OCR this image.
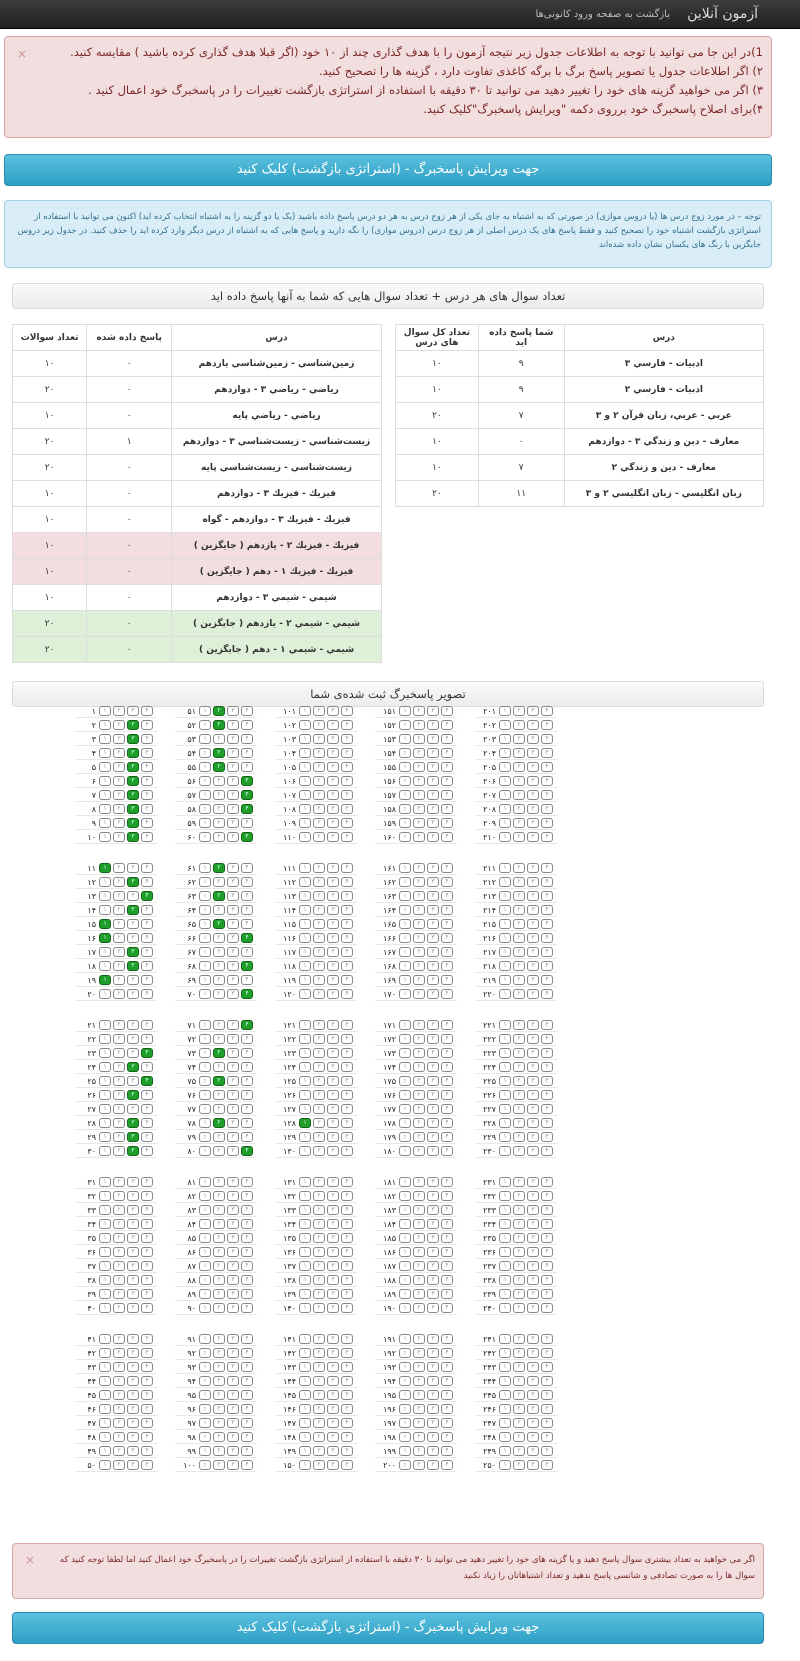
آزمون آنلاین
بازگشت به صفحه ورود کانونی‌ها
×	1)در این جا می توانید با توجه به اطلاعات جدول زیر نتیجه آزمون را با هدف گذاری چند از ۱۰ خود (اگر قبلا هدف گذاری کرده باشید ) مقایسه کنید.
۲) اگر اطلاعات جدول یا تصویر پاسخ برگ با برگه کاغذی تفاوت دارد ، گزینه ها را تصحیح کنید.
۳) اگر می خواهید گزینه های خود را تغییر دهید می توانید تا ۳۰ دقیقه با استفاده از استراتژی بازگشت تغییرات را در پاسخبرگ خود اعمال کنید .
۴)برای اصلاح پاسخبرگ خود برروی دکمه "ویرایش پاسخبرگ"کلیک کنید.
جهت ویرایش پاسخبرگ - (استراتژی بازگشت) کلیک کنید
توجه – در مورد زوج درس ها (یا دروس موازی) در صورتی که به اشتباه به جای یکی از هر زوج درس به هر دو درس پاسخ داده باشید (یک یا دو گزینه را به اشتباه انتخاب کرده اید) اکنون می توانید با استفاده از استراتژی بازگشت اشتباه خود را تصحیح کنید و فقط پاسخ های یک درس اصلی از هر زوج درس (دروس موازی) را نگه دارید و پاسخ هایی که به اشتباه از درس دیگر وارد کرده اید را حذف کنید. در جدول زیر دروس جایگزین با رنگ های یکسان نشان داده شده‌اند
تعداد سوال های هر درس + تعداد سوال هایی که شما به آنها پاسخ داده اید
درس	شما پاسخ داده اید	تعداد کل سوال های درس
ادبيات - فارسي ۳	۹	۱۰
ادبيات - فارسي ۲	۹	۱۰
عربي - عربي، زبان قرآن ۲ و ۳	۷	۲۰
معارف - دين و زندگي ۳ - دوازدهم	۰	۱۰
معارف - دين و زندگي ۲	۷	۱۰
زبان انگليسي - زبان انگليسي ۲ و ۳	۱۱	۲۰
درس	پاسخ داده شده	تعداد سوالات
زمين‌شناسي - زمين‌شناسي يازدهم	۰	۱۰
رياضي - رياضي ۳ - دوازدهم	۰	۲۰
رياضي - رياضي پايه	۰	۱۰
زيست‌شناسي - زيست‌شناسي ۳ - دوازدهم	۱	۲۰
زيست‌شناسي - زيست‌شناسي پايه	۰	۲۰
فيزيك - فيزيك ۳ - دوازدهم	۰	۱۰
فيزيك - فيزيك ۳ - دوازدهم - گواه	۰	۱۰
فيزيك - فيزيك ۲ - يازدهم ( جايگزين )	۰	۱۰
فيزيك - فيزيك ۱ - دهم ( جايگزين )	۰	۱۰
شيمي - شيمي ۳ - دوازدهم	۰	۱۰
شيمي - شيمي ۲ - يازدهم ( جايگزين )	۰	۲۰
شيمي - شيمي ۱ - دهم ( جايگزين )	۰	۲۰
تصویر پاسخبرگ ثبت شده‌ی شما
۱	۱	۲	۳	۴
۲	۱	۲	۳	۴
۳	۱	۲	۳	۴
۴	۱	۲	۳	۴
۵	۱	۲	۳	۴
۶	۱	۲	۳	۴
۷	۱	۲	۳	۴
۸	۱	۲	۳	۴
۹	۱	۲	۳	۴
۱۰	۱	۲	۳	۴
۵۱	۱	۲	۳	۴
۵۲	۱	۲	۳	۴
۵۳	۱	۲	۳	۴
۵۴	۱	۲	۳	۴
۵۵	۱	۲	۳	۴
۵۶	۱	۲	۳	۴
۵۷	۱	۲	۳	۴
۵۸	۱	۲	۳	۴
۵۹	۱	۲	۳	۴
۶۰	۱	۲	۳	۴
۱۰۱	۱	۲	۳	۴
۱۰۲	۱	۲	۳	۴
۱۰۳	۱	۲	۳	۴
۱۰۴	۱	۲	۳	۴
۱۰۵	۱	۲	۳	۴
۱۰۶	۱	۲	۳	۴
۱۰۷	۱	۲	۳	۴
۱۰۸	۱	۲	۳	۴
۱۰۹	۱	۲	۳	۴
۱۱۰	۱	۲	۳	۴
۱۵۱	۱	۲	۳	۴
۱۵۲	۱	۲	۳	۴
۱۵۳	۱	۲	۳	۴
۱۵۴	۱	۲	۳	۴
۱۵۵	۱	۲	۳	۴
۱۵۶	۱	۲	۳	۴
۱۵۷	۱	۲	۳	۴
۱۵۸	۱	۲	۳	۴
۱۵۹	۱	۲	۳	۴
۱۶۰	۱	۲	۳	۴
۲۰۱	۱	۲	۳	۴
۲۰۲	۱	۲	۳	۴
۲۰۳	۱	۲	۳	۴
۲۰۴	۱	۲	۳	۴
۲۰۵	۱	۲	۳	۴
۲۰۶	۱	۲	۳	۴
۲۰۷	۱	۲	۳	۴
۲۰۸	۱	۲	۳	۴
۲۰۹	۱	۲	۳	۴
۲۱۰	۱	۲	۳	۴
۱۱	۱	۲	۳	۴
۱۲	۱	۲	۳	۴
۱۳	۱	۲	۳	۴
۱۴	۱	۲	۳	۴
۱۵	۱	۲	۳	۴
۱۶	۱	۲	۳	۴
۱۷	۱	۲	۳	۴
۱۸	۱	۲	۳	۴
۱۹	۱	۲	۳	۴
۲۰	۱	۲	۳	۴
۶۱	۱	۲	۳	۴
۶۲	۱	۲	۳	۴
۶۳	۱	۲	۳	۴
۶۴	۱	۲	۳	۴
۶۵	۱	۲	۳	۴
۶۶	۱	۲	۳	۴
۶۷	۱	۲	۳	۴
۶۸	۱	۲	۳	۴
۶۹	۱	۲	۳	۴
۷۰	۱	۲	۳	۴
۱۱۱	۱	۲	۳	۴
۱۱۲	۱	۲	۳	۴
۱۱۳	۱	۲	۳	۴
۱۱۴	۱	۲	۳	۴
۱۱۵	۱	۲	۳	۴
۱۱۶	۱	۲	۳	۴
۱۱۷	۱	۲	۳	۴
۱۱۸	۱	۲	۳	۴
۱۱۹	۱	۲	۳	۴
۱۲۰	۱	۲	۳	۴
۱۶۱	۱	۲	۳	۴
۱۶۲	۱	۲	۳	۴
۱۶۳	۱	۲	۳	۴
۱۶۴	۱	۲	۳	۴
۱۶۵	۱	۲	۳	۴
۱۶۶	۱	۲	۳	۴
۱۶۷	۱	۲	۳	۴
۱۶۸	۱	۲	۳	۴
۱۶۹	۱	۲	۳	۴
۱۷۰	۱	۲	۳	۴
۲۱۱	۱	۲	۳	۴
۲۱۲	۱	۲	۳	۴
۲۱۳	۱	۲	۳	۴
۲۱۴	۱	۲	۳	۴
۲۱۵	۱	۲	۳	۴
۲۱۶	۱	۲	۳	۴
۲۱۷	۱	۲	۳	۴
۲۱۸	۱	۲	۳	۴
۲۱۹	۱	۲	۳	۴
۲۲۰	۱	۲	۳	۴
۲۱	۱	۲	۳	۴
۲۲	۱	۲	۳	۴
۲۳	۱	۲	۳	۴
۲۴	۱	۲	۳	۴
۲۵	۱	۲	۳	۴
۲۶	۱	۲	۳	۴
۲۷	۱	۲	۳	۴
۲۸	۱	۲	۳	۴
۲۹	۱	۲	۳	۴
۳۰	۱	۲	۳	۴
۷۱	۱	۲	۳	۴
۷۲	۱	۲	۳	۴
۷۳	۱	۲	۳	۴
۷۴	۱	۲	۳	۴
۷۵	۱	۲	۳	۴
۷۶	۱	۲	۳	۴
۷۷	۱	۲	۳	۴
۷۸	۱	۲	۳	۴
۷۹	۱	۲	۳	۴
۸۰	۱	۲	۳	۴
۱۲۱	۱	۲	۳	۴
۱۲۲	۱	۲	۳	۴
۱۲۳	۱	۲	۳	۴
۱۲۴	۱	۲	۳	۴
۱۲۵	۱	۲	۳	۴
۱۲۶	۱	۲	۳	۴
۱۲۷	۱	۲	۳	۴
۱۲۸	۱	۲	۳	۴
۱۲۹	۱	۲	۳	۴
۱۳۰	۱	۲	۳	۴
۱۷۱	۱	۲	۳	۴
۱۷۲	۱	۲	۳	۴
۱۷۳	۱	۲	۳	۴
۱۷۴	۱	۲	۳	۴
۱۷۵	۱	۲	۳	۴
۱۷۶	۱	۲	۳	۴
۱۷۷	۱	۲	۳	۴
۱۷۸	۱	۲	۳	۴
۱۷۹	۱	۲	۳	۴
۱۸۰	۱	۲	۳	۴
۲۲۱	۱	۲	۳	۴
۲۲۲	۱	۲	۳	۴
۲۲۳	۱	۲	۳	۴
۲۲۴	۱	۲	۳	۴
۲۲۵	۱	۲	۳	۴
۲۲۶	۱	۲	۳	۴
۲۲۷	۱	۲	۳	۴
۲۲۸	۱	۲	۳	۴
۲۲۹	۱	۲	۳	۴
۲۳۰	۱	۲	۳	۴
۳۱	۱	۲	۳	۴
۳۲	۱	۲	۳	۴
۳۳	۱	۲	۳	۴
۳۴	۱	۲	۳	۴
۳۵	۱	۲	۳	۴
۳۶	۱	۲	۳	۴
۳۷	۱	۲	۳	۴
۳۸	۱	۲	۳	۴
۳۹	۱	۲	۳	۴
۴۰	۱	۲	۳	۴
۸۱	۱	۲	۳	۴
۸۲	۱	۲	۳	۴
۸۳	۱	۲	۳	۴
۸۴	۱	۲	۳	۴
۸۵	۱	۲	۳	۴
۸۶	۱	۲	۳	۴
۸۷	۱	۲	۳	۴
۸۸	۱	۲	۳	۴
۸۹	۱	۲	۳	۴
۹۰	۱	۲	۳	۴
۱۳۱	۱	۲	۳	۴
۱۳۲	۱	۲	۳	۴
۱۳۳	۱	۲	۳	۴
۱۳۴	۱	۲	۳	۴
۱۳۵	۱	۲	۳	۴
۱۳۶	۱	۲	۳	۴
۱۳۷	۱	۲	۳	۴
۱۳۸	۱	۲	۳	۴
۱۳۹	۱	۲	۳	۴
۱۴۰	۱	۲	۳	۴
۱۸۱	۱	۲	۳	۴
۱۸۲	۱	۲	۳	۴
۱۸۳	۱	۲	۳	۴
۱۸۴	۱	۲	۳	۴
۱۸۵	۱	۲	۳	۴
۱۸۶	۱	۲	۳	۴
۱۸۷	۱	۲	۳	۴
۱۸۸	۱	۲	۳	۴
۱۸۹	۱	۲	۳	۴
۱۹۰	۱	۲	۳	۴
۲۳۱	۱	۲	۳	۴
۲۳۲	۱	۲	۳	۴
۲۳۳	۱	۲	۳	۴
۲۳۴	۱	۲	۳	۴
۲۳۵	۱	۲	۳	۴
۲۳۶	۱	۲	۳	۴
۲۳۷	۱	۲	۳	۴
۲۳۸	۱	۲	۳	۴
۲۳۹	۱	۲	۳	۴
۲۴۰	۱	۲	۳	۴
۴۱	۱	۲	۳	۴
۴۲	۱	۲	۳	۴
۴۳	۱	۲	۳	۴
۴۴	۱	۲	۳	۴
۴۵	۱	۲	۳	۴
۴۶	۱	۲	۳	۴
۴۷	۱	۲	۳	۴
۴۸	۱	۲	۳	۴
۴۹	۱	۲	۳	۴
۵۰	۱	۲	۳	۴
۹۱	۱	۲	۳	۴
۹۲	۱	۲	۳	۴
۹۳	۱	۲	۳	۴
۹۴	۱	۲	۳	۴
۹۵	۱	۲	۳	۴
۹۶	۱	۲	۳	۴
۹۷	۱	۲	۳	۴
۹۸	۱	۲	۳	۴
۹۹	۱	۲	۳	۴
۱۰۰	۱	۲	۳	۴
۱۴۱	۱	۲	۳	۴
۱۴۲	۱	۲	۳	۴
۱۴۳	۱	۲	۳	۴
۱۴۴	۱	۲	۳	۴
۱۴۵	۱	۲	۳	۴
۱۴۶	۱	۲	۳	۴
۱۴۷	۱	۲	۳	۴
۱۴۸	۱	۲	۳	۴
۱۴۹	۱	۲	۳	۴
۱۵۰	۱	۲	۳	۴
۱۹۱	۱	۲	۳	۴
۱۹۲	۱	۲	۳	۴
۱۹۳	۱	۲	۳	۴
۱۹۴	۱	۲	۳	۴
۱۹۵	۱	۲	۳	۴
۱۹۶	۱	۲	۳	۴
۱۹۷	۱	۲	۳	۴
۱۹۸	۱	۲	۳	۴
۱۹۹	۱	۲	۳	۴
۲۰۰	۱	۲	۳	۴
۲۴۱	۱	۲	۳	۴
۲۴۲	۱	۲	۳	۴
۲۴۳	۱	۲	۳	۴
۲۴۴	۱	۲	۳	۴
۲۴۵	۱	۲	۳	۴
۲۴۶	۱	۲	۳	۴
۲۴۷	۱	۲	۳	۴
۲۴۸	۱	۲	۳	۴
۲۴۹	۱	۲	۳	۴
۲۵۰	۱	۲	۳	۴
×	اگر می خواهید به تعداد بیشتری سوال پاسخ دهید و یا گزینه های خود را تغییر دهید می توانید تا ۳۰ دقیقه با استفاده از استراتژی بازگشت تغییرات را در پاسخبرگ خود اعمال کنید اما لطفا توجه کنید که سوال ها را به صورت تصادفی و شانسی پاسخ ندهید و تعداد اشتباهاتان را زیاد نکنید
جهت ویرایش پاسخبرگ - (استراتژی بازگشت) کلیک کنید
